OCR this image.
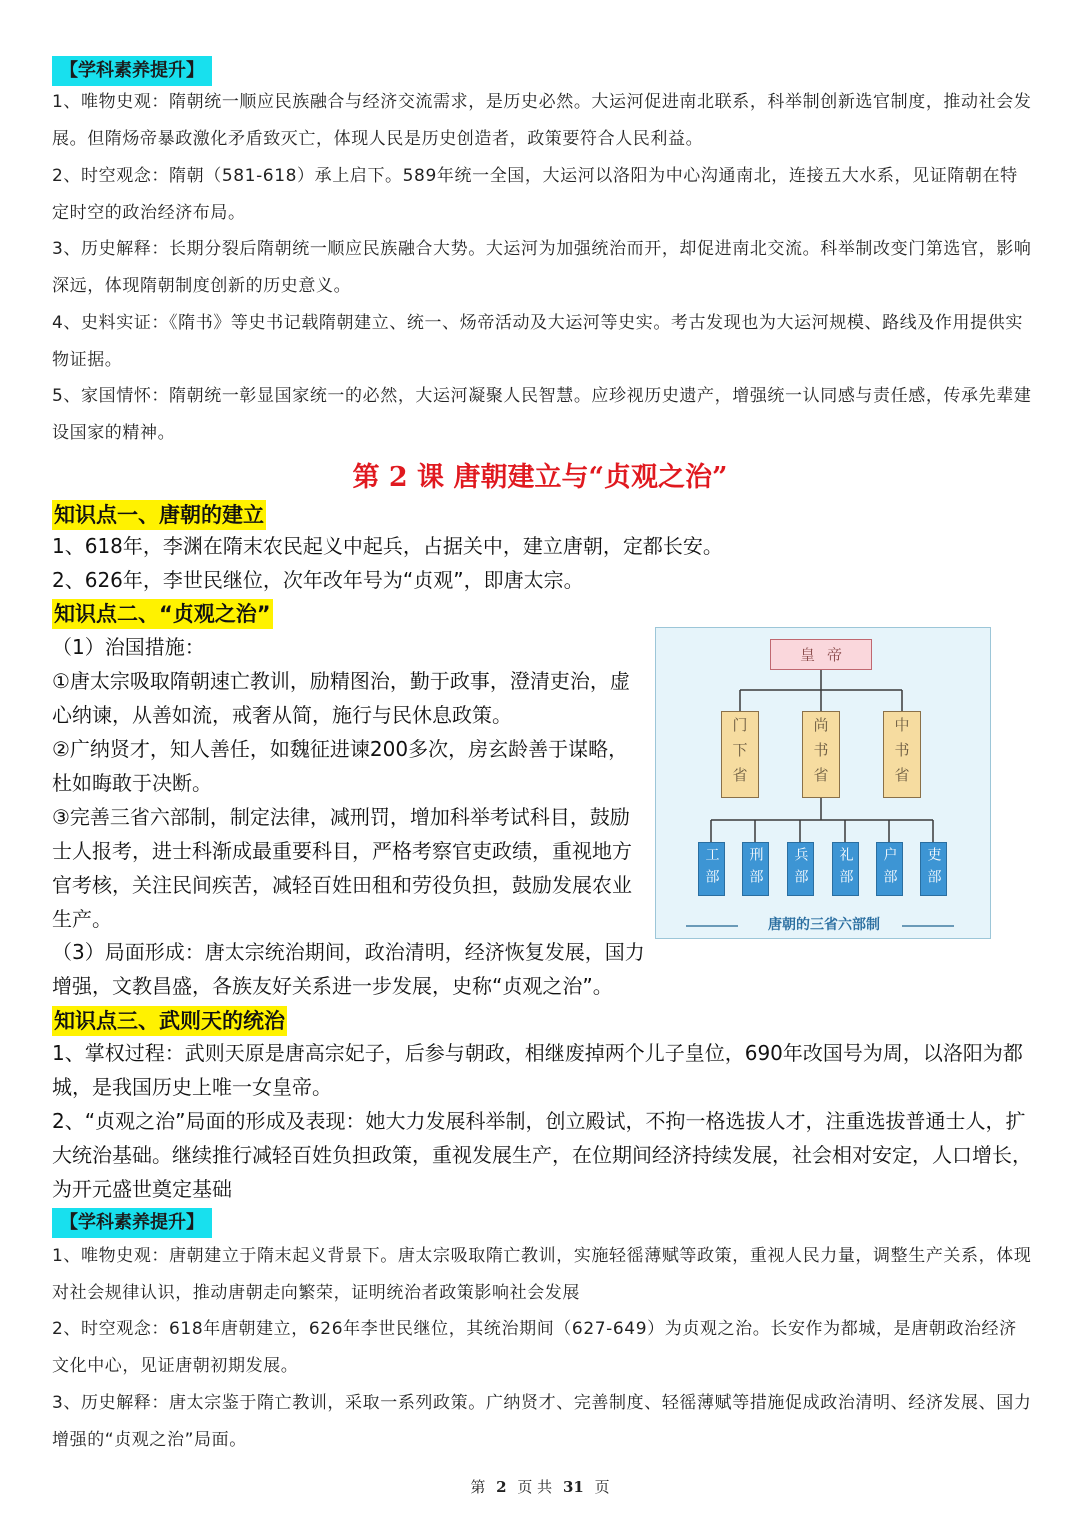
【学科素养提升】
1、唯物史观：隋朝统一顺应民族融合与经济交流需求，是历史必然。大运河促进南北联系，科举制创新选官制度，推动社会发展。但隋炀帝暴政激化矛盾致灭亡，体现人民是历史创造者，政策要符合人民利益。
2、时空观念：隋朝（581-618）承上启下。589年统一全国，大运河以洛阳为中心沟通南北，连接五大水系，见证隋朝在特定时空的政治经济布局。
3、历史解释：长期分裂后隋朝统一顺应民族融合大势。大运河为加强统治而开，却促进南北交流。科举制改变门第选官，影响深远，体现隋朝制度创新的历史意义。
4、史料实证：《隋书》等史书记载隋朝建立、统一、炀帝活动及大运河等史实。考古发现也为大运河规模、路线及作用提供实物证据。
5、家国情怀：隋朝统一彰显国家统一的必然，大运河凝聚人民智慧。应珍视历史遗产，增强统一认同感与责任感，传承先辈建设国家的精神。
第 2 课 唐朝建立与“贞观之治”
知识点一、唐朝的建立
1、618年，李渊在隋末农民起义中起兵，占据关中，建立唐朝，定都长安。
2、626年，李世民继位，次年改年号为“贞观”，即唐太宗。
知识点二、“贞观之治”
（1）治国措施：
①唐太宗吸取隋朝速亡教训，励精图治，勤于政事，澄清吏治，虚心纳谏，从善如流，戒奢从简，施行与民休息政策。
②广纳贤才，知人善任，如魏征进谏200多次，房玄龄善于谋略，杜如晦敢于决断。
③完善三省六部制，制定法律，减刑罚，增加科举考试科目，鼓励士人报考，进士科渐成最重要科目，严格考察官吏政绩，重视地方官考核，关注民间疾苦，减轻百姓田租和劳役负担，鼓励发展农业生产。
（3）局面形成：唐太宗统治期间，政治清明，经济恢复发展，国力增强，文教昌盛，各族友好关系进一步发展，史称“贞观之治”。
皇帝
门下省	尚书省	中书省
工部	刑部	兵部	礼部	户部	吏部
唐朝的三省六部制
知识点三、武则天的统治
1、掌权过程：武则天原是唐高宗妃子，后参与朝政，相继废掉两个儿子皇位，690年改国号为周，以洛阳为都城，是我国历史上唯一女皇帝。
2、“贞观之治”局面的形成及表现：她大力发展科举制，创立殿试，不拘一格选拔人才，注重选拔普通士人，扩大统治基础。继续推行减轻百姓负担政策，重视发展生产，在位期间经济持续发展，社会相对安定，人口增长，为开元盛世奠定基础
【学科素养提升】
1、唯物史观：唐朝建立于隋末起义背景下。唐太宗吸取隋亡教训，实施轻徭薄赋等政策，重视人民力量，调整生产关系，体现对社会规律认识，推动唐朝走向繁荣，证明统治者政策影响社会发展
2、时空观念：618年唐朝建立，626年李世民继位，其统治期间（627-649）为贞观之治。长安作为都城，是唐朝政治经济文化中心，见证唐朝初期发展。
3、历史解释：唐太宗鉴于隋亡教训，采取一系列政策。广纳贤才、完善制度、轻徭薄赋等措施促成政治清明、经济发展、国力增强的“贞观之治”局面。
第 2 页 共 31 页
